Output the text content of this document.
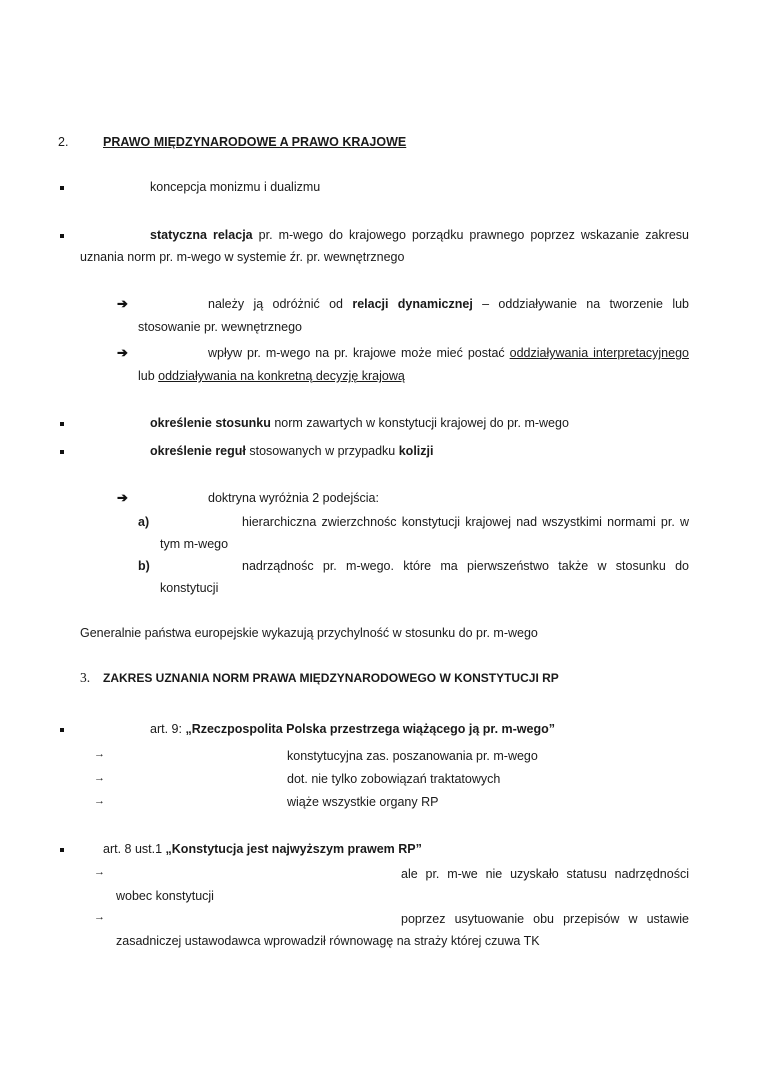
2.	PRAWO MIĘDZYNARODOWE A PRAWO KRAJOWE
koncepcja monizmu i dualizmu
statyczna relacja pr. m-wego do krajowego porządku prawnego poprzez wskazanie zakresu
uznania norm pr. m-wego w systemie źr. pr. wewnętrznego
➔	należy ją odróżnić od relacji dynamicznej – oddziaływanie na tworzenie lub
stosowanie pr. wewnętrznego
➔	wpływ pr. m-wego na pr. krajowe może mieć postać oddziaływania interpretacyjnego
lub oddziaływania na konkretną decyzję krajową
określenie stosunku norm zawartych w konstytucji krajowej do pr. m-wego
określenie reguł stosowanych w przypadku kolizji
➔	doktryna wyróżnia 2 podejścia:
a)	hierarchiczna zwierzchnośc konstytucji krajowej nad wszystkimi normami pr. w
tym m-wego
b)	nadrządnośc pr. m-wego. które ma pierwszeństwo także w stosunku do
konstytucji
Generalnie państwa europejskie wykazują przychylność w stosunku do pr. m-wego
3. ZAKRES UZNANIA NORM PRAWA MIĘDZYNARODOWEGO W KONSTYTUCJI RP
art. 9: „Rzeczpospolita Polska przestrzega wiążącego ją pr. m-wego”
→	konstytucyjna zas. poszanowania pr. m-wego
→	dot. nie tylko zobowiązań traktatowych
→	wiąże wszystkie organy RP
art. 8 ust.1 „Konstytucja jest najwyższym prawem RP”
→	ale pr. m-we nie uzyskało statusu nadrzędności
wobec konstytucji
→	poprzez usytuowanie obu przepisów w ustawie
zasadniczej ustawodawca wprowadził równowagę na straży której czuwa TK
